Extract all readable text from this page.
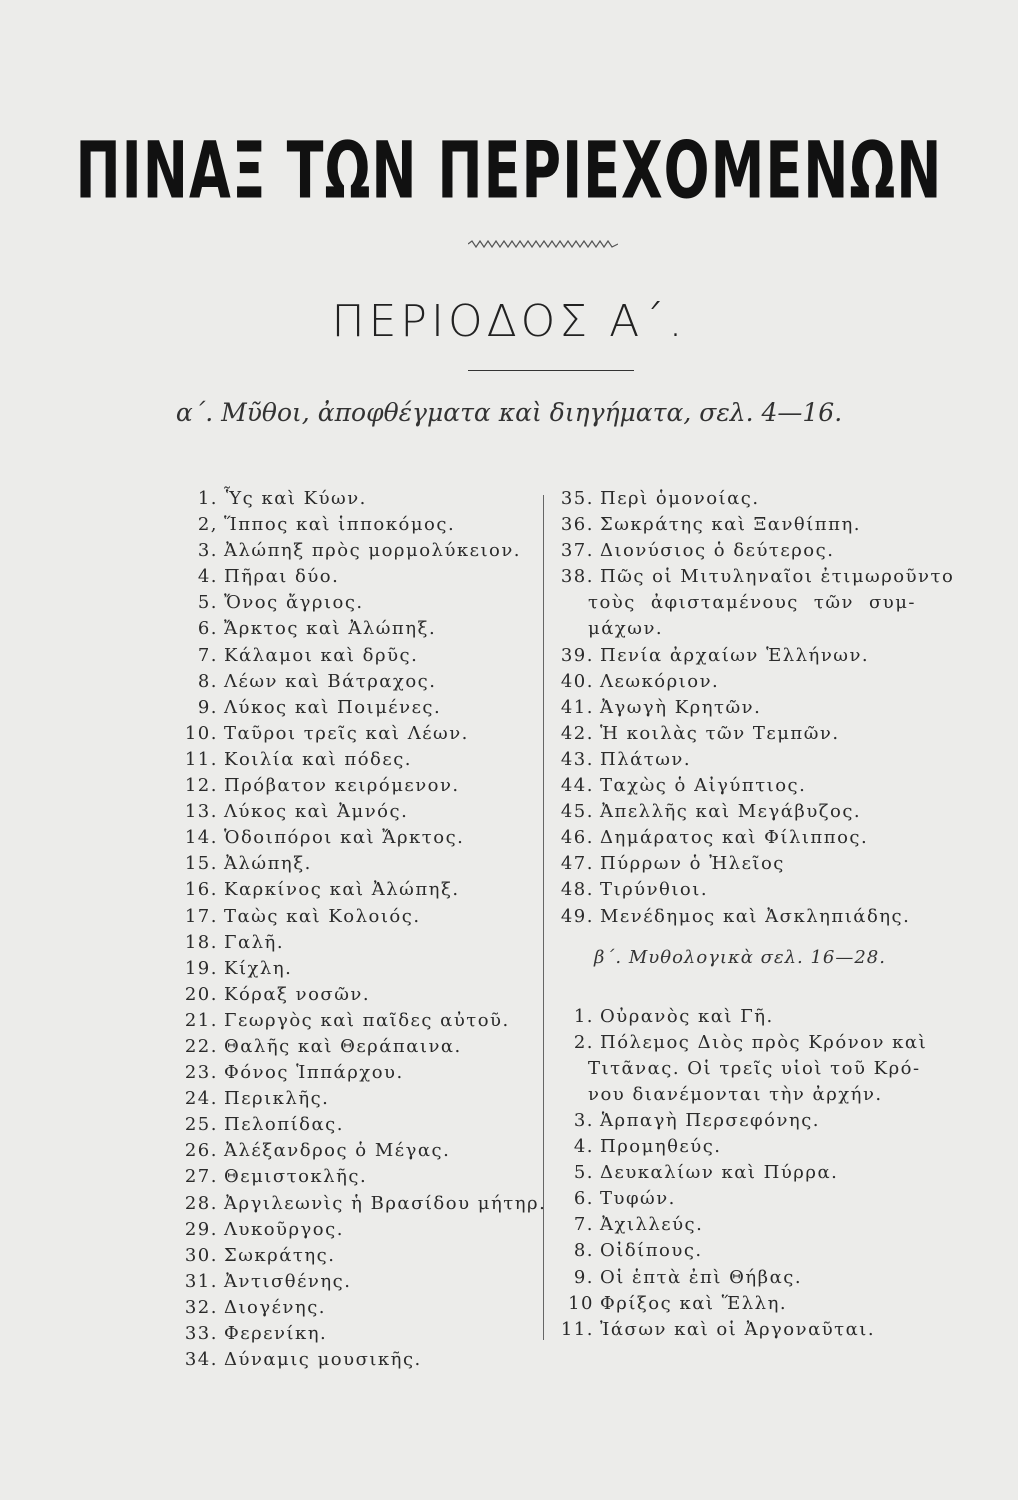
ΠΙΝΑΞ ΤΩΝ ΠΕΡΙΕΧΟΜΕΝΩΝ
ΠΕΡΙΟΔΟΣ Α΄.
α΄. Μῦθοι, ἀποφθέγματα καὶ διηγήματα, σελ. 4—16.
1. Ὗς καὶ Κύων.
2, Ἵππος καὶ ἱπποκόμος.
3. Ἀλώπηξ πρὸς μορμολύκειον.
4. Πῆραι δύο.
5. Ὄνος ἄγριος.
6. Ἄρκτος καὶ Ἀλώπηξ.
7. Κάλαμοι καὶ δρῦς.
8. Λέων καὶ Βάτραχος.
9. Λύκος καὶ Ποιμένες.
10. Ταῦροι τρεῖς καὶ Λέων.
11. Κοιλία καὶ πόδες.
12. Πρόβατον κειρόμενον.
13. Λύκος καὶ Ἀμνός.
14. Ὁδοιπόροι καὶ Ἄρκτος.
15. Ἀλώπηξ.
16. Καρκίνος καὶ Ἀλώπηξ.
17. Ταὼς καὶ Κολοιός.
18. Γαλῆ.
19. Κίχλη.
20. Κόραξ νοσῶν.
21. Γεωργὸς καὶ παῖδες αὐτοῦ.
22. Θαλῆς καὶ Θεράπαινα.
23. Φόνος Ἱππάρχου.
24. Περικλῆς.
25. Πελοπίδας.
26. Ἀλέξανδρος ὁ Μέγας.
27. Θεμιστοκλῆς.
28. Ἀργιλεωνὶς ἡ Βρασίδου μήτηρ.
29. Λυκοῦργος.
30. Σωκράτης.
31. Ἀντισθένης.
32. Διογένης.
33. Φερενίκη.
34. Δύναμις μουσικῆς.
35. Περὶ ὁμονοίας.
36. Σωκράτης καὶ Ξανθίππη.
37. Διονύσιος ὁ δεύτερος.
38. Πῶς οἱ Μιτυληναῖοι ἐτιμωροῦντο
τοὺς ἀφισταμένους τῶν συμ-
μάχων.
39. Πενία ἀρχαίων Ἑλλήνων.
40. Λεωκόριον.
41. Ἀγωγὴ Κρητῶν.
42. Ἡ κοιλὰς τῶν Τεμπῶν.
43. Πλάτων.
44. Ταχὼς ὁ Αἰγύπτιος.
45. Ἀπελλῆς καὶ Μεγάβυζος.
46. Δημάρατος καὶ Φίλιππος.
47. Πύρρων ὁ Ἠλεῖος
48. Τιρύνθιοι.
49. Μενέδημος καὶ Ἀσκληπιάδης.
β΄. Μυθολογικὰ σελ. 16—28.
1. Οὐρανὸς καὶ Γῆ.
2. Πόλεμος Διὸς πρὸς Κρόνον καὶ
Τιτᾶνας. Οἱ τρεῖς υἱοὶ τοῦ Κρό-
νου διανέμονται τὴν ἀρχήν.
3. Ἁρπαγὴ Περσεφόνης.
4. Προμηθεύς.
5. Δευκαλίων καὶ Πύρρα.
6. Τυφών.
7. Ἀχιλλεύς.
8. Οἰδίπους.
9. Οἱ ἑπτὰ ἐπὶ Θήβας.
10 Φρίξος καὶ Ἕλλη.
11. Ἰάσων καὶ οἱ Ἀργοναῦται.
